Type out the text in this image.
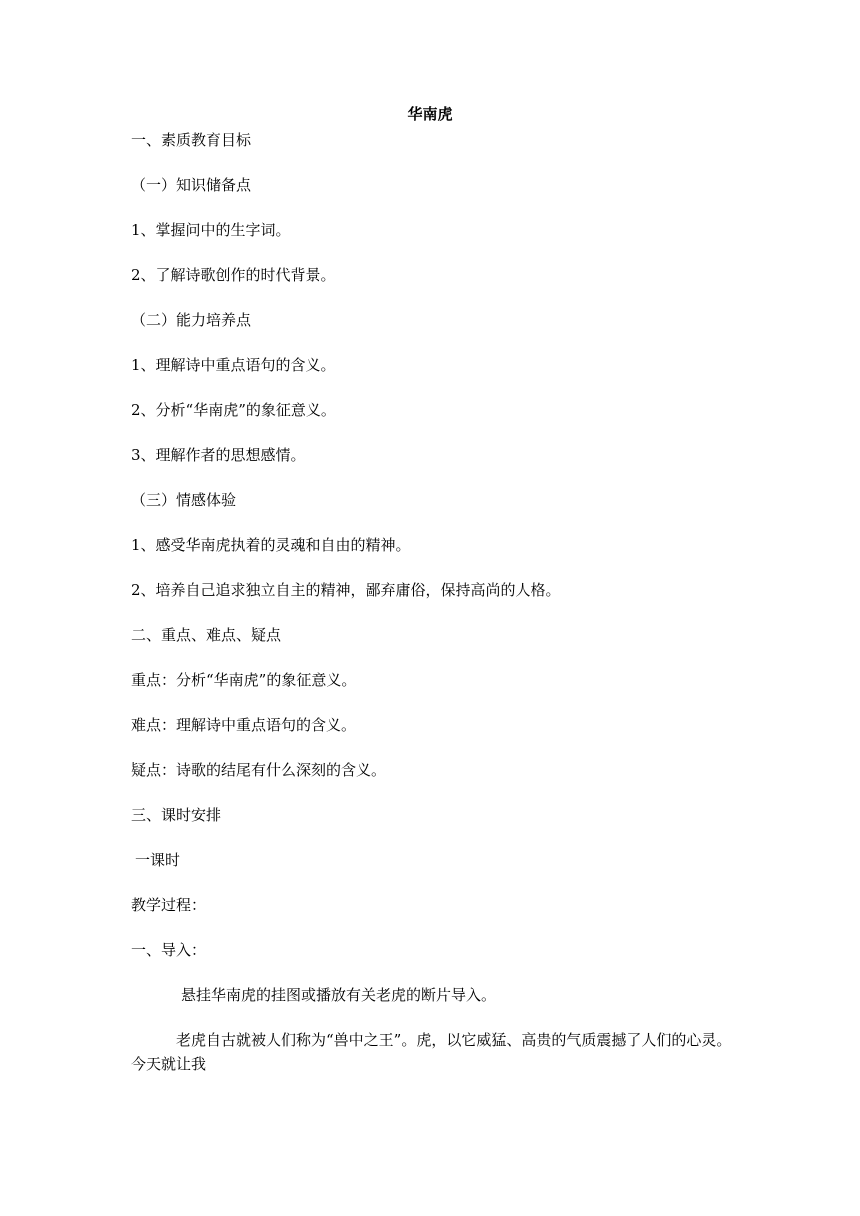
华南虎
一、素质教育目标
（一）知识储备点
1、掌握问中的生字词。
2、了解诗歌创作的时代背景。
（二）能力培养点
1、理解诗中重点语句的含义。
2、分析“华南虎”的象征意义。
3、理解作者的思想感情。
（三）情感体验
1、感受华南虎执着的灵魂和自由的精神。
2、培养自己追求独立自主的精神，鄙弃庸俗，保持高尚的人格。
二、重点、难点、疑点
重点：分析“华南虎”的象征意义。
难点：理解诗中重点语句的含义。
疑点：诗歌的结尾有什么深刻的含义。
三、课时安排
一课时
教学过程：
一、导入：
悬挂华南虎的挂图或播放有关老虎的断片导入。
老虎自古就被人们称为“兽中之王”。虎，以它威猛、高贵的气质震撼了人们的心灵。今天就让我
